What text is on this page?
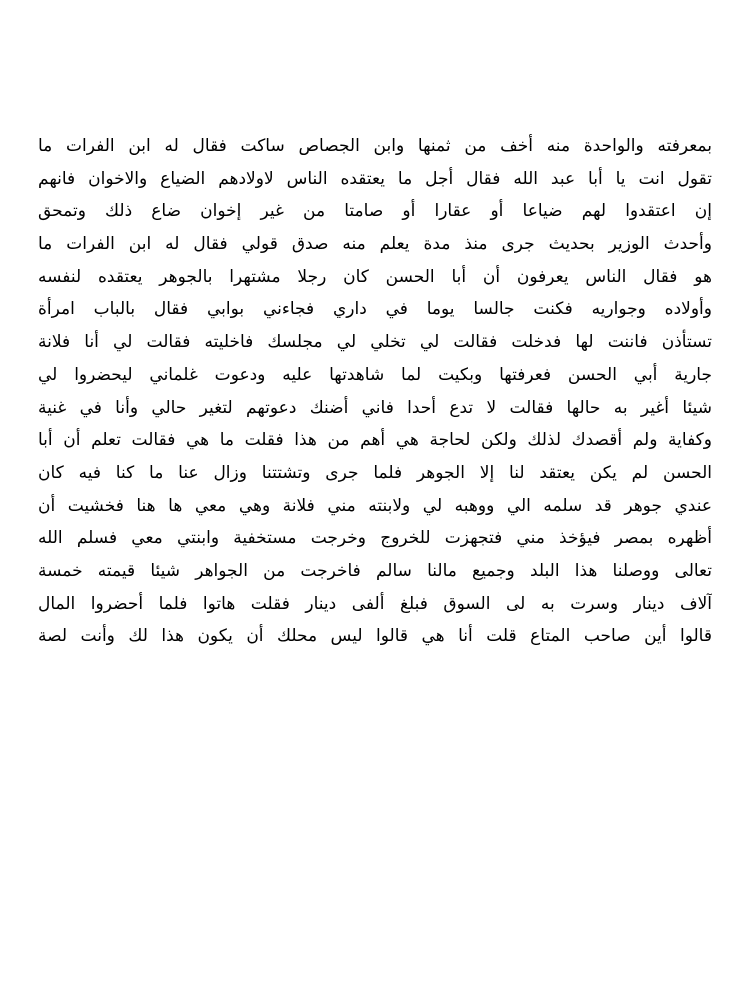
بمعرفته والواحدة منه أخف من ثمنها وابن الجصاص ساكت فقال له ابن الفرات ما
تقول انت يا أبا عبد الله فقال أجل ما يعتقده الناس لاولادهم الضياع والاخوان فانهم
إن اعتقدوا لهم ضياعا أو عقارا أو صامتا من غير إخوان ضاع ذلك وتمحق
وأحدث الوزير بحديث جرى منذ مدة يعلم منه صدق قولي فقال له ابن الفرات ما
هو فقال الناس يعرفون أن أبا الحسن كان رجلا مشتهرا بالجوهر يعتقده لنفسه
وأولاده وجواريه فكنت جالسا يوما في داري فجاءني بوابي فقال بالباب امرأة
تستأذن فاننت لها فدخلت فقالت لي تخلي لي مجلسك فاخليته فقالت لي أنا فلانة
جارية أبي الحسن فعرفتها وبكيت لما شاهدتها عليه ودعوت غلماني ليحضروا لي
شيئا أغير به حالها فقالت لا تدع أحدا فاني أضنك دعوتهم لتغير حالي وأنا في غنية
وكفاية ولم أقصدك لذلك ولكن لحاجة هي أهم من هذا فقلت ما هي فقالت تعلم أن أبا
الحسن لم يكن يعتقد لنا إلا الجوهر فلما جرى وتشتتنا وزال عنا ما كنا فيه كان
عندي جوهر قد سلمه الي ووهبه لي ولابنته مني فلانة وهي معي ها هنا فخشيت أن
أظهره بمصر فيؤخذ مني فتجهزت للخروج وخرجت مستخفية وابنتي معي فسلم الله
تعالى ووصلنا هذا البلد وجميع مالنا سالم فاخرجت من الجواهر شيئا قيمته خمسة
آلاف دينار وسرت به لى السوق فبلغ ألفى دينار فقلت هاتوا فلما أحضروا المال
قالوا أين صاحب المتاع قلت أنا هي قالوا ليس محلك أن يكون هذا لك وأنت لصة
